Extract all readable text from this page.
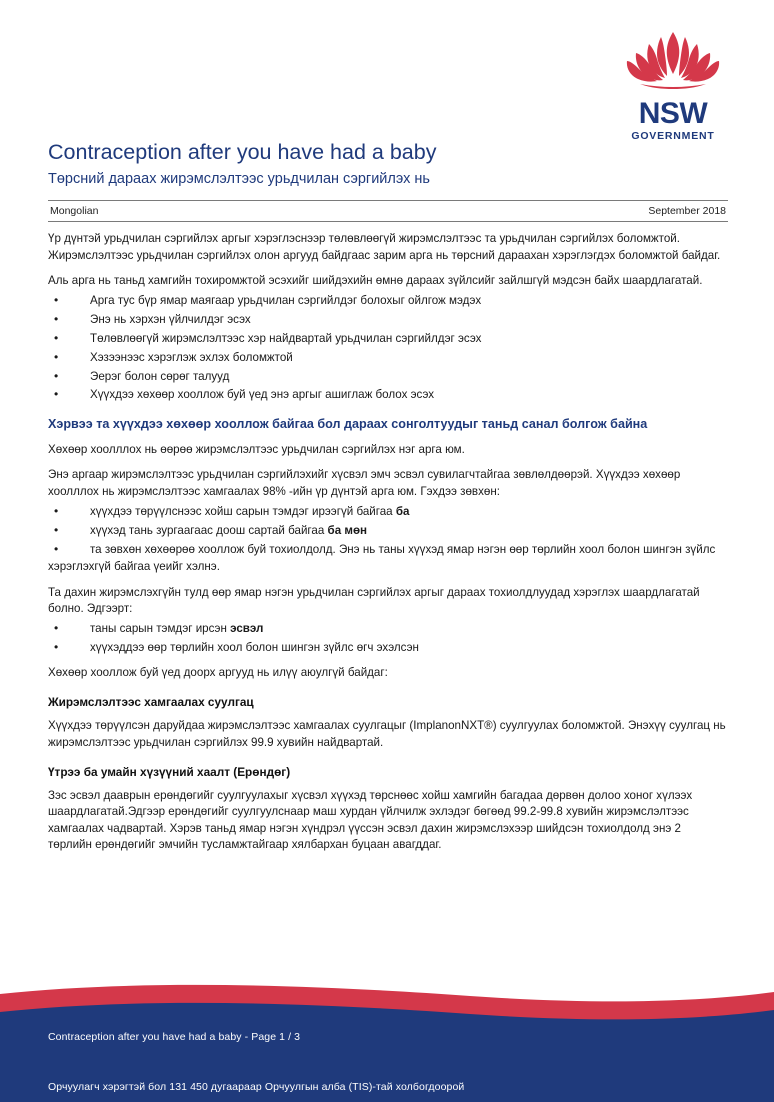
NSW
GOVERNMENT
Contraception after you have had a baby
Төрсний дараах жирэмслэлтээс урьдчилан сэргийлэх нь
Mongolian	September 2018

Үр дүнтэй урьдчилан сэргийлэх аргыг хэрэглэснээр төлөвлөөгүй жирэмслэлтээс та урьдчилан сэргийлэх боломжтой. Жирэмслэлтээс урьдчилан сэргийлэх олон аргууд байдгаас зарим арга нь төрсний дараахан хэрэглэгдэх боломжтой байдаг.

Аль арга нь таньд хамгийн тохиромжтой эсэхийг шийдэхийн өмнө дараах зүйлсийг зайлшгүй мэдсэн байх шаардлагатай.

• Арга тус бүр ямар маягаар урьдчилан сэргийлдэг болохыг ойлгож мэдэх
• Энэ нь хэрхэн үйлчилдэг эсэх
• Төлөвлөөгүй жирэмслэлтээс хэр найдвартай урьдчилан сэргийлдэг эсэх
• Хэзээнээс хэрэглэж эхлэх боломжтой
• Эерэг болон сөрөг талууд
• Хүүхдээ хөхөөр хооллож буй үед энэ аргыг ашиглаж болох эсэх
Хэрвээ та хүүхдээ хөхөөр хооллож байгаа бол дараах сонголтуудыг таньд санал болгож байна

Хөхөөр хоолллох нь өөрөө жирэмслэлтээс урьдчилан сэргийлэх нэг арга юм.

Энэ аргаар жирэмслэлтээс урьдчилан сэргийлэхийг хүсвэл эмч эсвэл сувилагчтайгаа зөвлөлдөөрэй. Хүүхдээ хөхөөр хоолллох нь жирэмслэлтээс хамгаалах 98% -ийн үр дүнтэй арга юм. Гэхдээ зөвхөн:

• хүүхдээ төрүүлснээс хойш сарын тэмдэг ирээгүй байгаа ба
• хүүхэд тань зургаагаас доош сартай байгаа ба мөн
• та зөвхөн хөхөөрөө хооллож буй тохиолдолд. Энэ нь таны хүүхэд ямар нэгэн өөр төрлийн хоол болон шингэн зүйлс хэрэглэхгүй байгаа үеийг хэлнэ.

Та дахин жирэмслэхгүйн тулд өөр ямар нэгэн урьдчилан сэргийлэх аргыг дараах тохиолдлуудад хэрэглэх шаардлагатай болно. Эдгээрт:

• таны сарын тэмдэг ирсэн эсвэл
• хүүхэддээ өөр төрлийн хоол болон шингэн зүйлс өгч эхэлсэн

Хөхөөр хооллож буй үед доорх аргууд нь илүү аюулгүй байдаг:

Жирэмслэлтээс хамгаалах суулгац

Хүүхдээ төрүүлсэн даруйдаа жирэмслэлтээс хамгаалах суулгацыг (ImplanonNXT®) суулгуулах боломжтой. Энэхүү суулгац нь жирэмслэлтээс урьдчилан сэргийлэх 99.9 хувийн найдвартай.

Үтрээ ба умайн хүзүүний хаалт (Ерөндөг)

Зэс эсвэл дааврын ерөндөгийг суулгуулахыг хүсвэл хүүхэд төрснөөс хойш хамгийн багадаа дөрвөн долоо хоног хүлээх шаардлагатай.Эдгээр ерөндөгийг суулгуулснаар маш хурдан үйлчилж эхлэдэг бөгөөд 99.2-99.8 хувийн жирэмслэлтээс хамгаалах чадвартай. Хэрэв таньд ямар нэгэн хүндрэл үүссэн эсвэл дахин жирэмслэхээр шийдсэн тохиолдолд энэ 2 төрлийн ерөндөгийг эмчийн тусламжтайгаар хялбархан буцаан авагддаг.

Contraception after you have had a baby - Page 1 / 3
Орчуулагч хэрэгтэй бол 131 450 дугаараар Орчуулгын алба (TIS)-тай холбогдоорой
